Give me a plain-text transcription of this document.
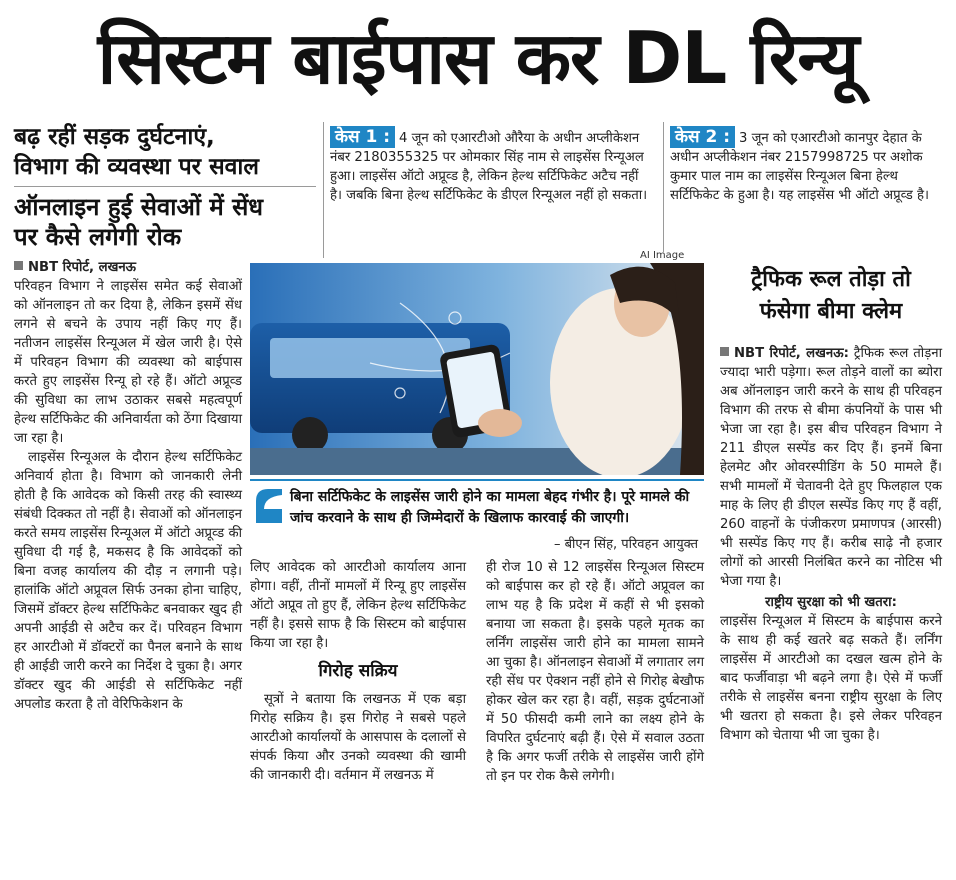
सिस्टम बाईपास कर DL रिन्यू
बढ़ रहीं सड़क दुर्घटनाएं,
विभाग की व्यवस्था पर सवाल
ऑनलाइन हुई सेवाओं में सेंध
पर कैसे लगेगी रोक
केस 1 : 4 जून को एआरटीओ औरैया के अधीन अप्लीकेशन नंबर 2180355325 पर ओमकार सिंह नाम से लाइसेंस रिन्यूअल हुआ। लाइसेंस ऑटो अप्रूव्ड है, लेकिन हेल्थ सर्टिफिकेट अटैच नहीं है। जबकि बिना हेल्थ सर्टिफिकेट के डीएल रिन्यूअल नहीं हो सकता।
केस 2 : 3 जून को एआरटीओ कानपुर देहात के अधीन अप्लीकेशन नंबर 2157998725 पर अशोक कुमार पाल नाम का लाइसेंस रिन्यूअल बिना हेल्थ सर्टिफिकेट के हुआ है। यह लाइसेंस भी ऑटो अप्रूव्ड है।
NBT रिपोर्ट, लखनऊ
परिवहन विभाग ने लाइसेंस समेत कई सेवाओं को ऑनलाइन तो कर दिया है, लेकिन इसमें सेंध लगने से बचने के उपाय नहीं किए गए हैं। नतीजन लाइसेंस रिन्यूअल में खेल जारी है। ऐसे में परिवहन विभाग की व्यवस्था को बाईपास करते हुए लाइसेंस रिन्यू हो रहे हैं। ऑटो अप्रूव्ड की सुविधा का लाभ उठाकर सबसे महत्वपूर्ण हेल्थ सर्टिफिकेट की अनिवार्यता को ठेंगा दिखाया जा रहा है।
लाइसेंस रिन्यूअल के दौरान हेल्थ सर्टिफिकेट अनिवार्य होता है। विभाग को जानकारी लेनी होती है कि आवेदक को किसी तरह की स्वास्थ्य संबंधी दिक्कत तो नहीं है। सेवाओं को ऑनलाइन करते समय लाइसेंस रिन्यूअल में ऑटो अप्रूव्ड की सुविधा दी गई है, मकसद है कि आवेदकों को बिना वजह कार्यालय की दौड़ न लगानी पड़े। हालांकि ऑटो अप्रूवल सिर्फ उनका होना चाहिए, जिसमें डॉक्टर हेल्थ सर्टिफिकेट बनवाकर खुद ही अपनी आईडी से अटैच कर दें। परिवहन विभाग हर आरटीओ में डॉक्टरों का पैनल बनाने के साथ ही आईडी जारी करने का निर्देश दे चुका है। अगर डॉक्टर खुद की आईडी से सर्टिफिकेट नहीं अपलोड करता है तो वेरिफिकेशन के
AI Image
बिना सर्टिफिकेट के लाइसेंस जारी होने का मामला बेहद गंभीर है। पूरे मामले की जांच करवाने के साथ ही जिम्मेदारों के खिलाफ कारवाई की जाएगी।
– बीएन सिंह, परिवहन आयुक्त
लिए आवेदक को आरटीओ कार्यालय आना होगा। वहीं, तीनों मामलों में रिन्यू हुए लाइसेंस ऑटो अप्रूव तो हुए हैं, लेकिन हेल्थ सर्टिफिकेट नहीं है। इससे साफ है कि सिस्टम को बाईपास किया जा रहा है।
गिरोह सक्रिय
सूत्रों ने बताया कि लखनऊ में एक बड़ा गिरोह सक्रिय है। इस गिरोह ने सबसे पहले आरटीओ कार्यालयों के आसपास के दलालों से संपर्क किया और उनको व्यवस्था की खामी की जानकारी दी। वर्तमान में लखनऊ में
ही रोज 10 से 12 लाइसेंस रिन्यूअल सिस्टम को बाईपास कर हो रहे हैं। ऑटो अप्रूवल का लाभ यह है कि प्रदेश में कहीं से भी इसको बनाया जा सकता है। इसके पहले मृतक का लर्निंग लाइसेंस जारी होने का मामला सामने आ चुका है। ऑनलाइन सेवाओं में लगातार लग रही सेंध पर ऐक्शन नहीं होने से गिरोह बेखौफ होकर खेल कर रहा है। वहीं, सड़क दुर्घटनाओं में 50 फीसदी कमी लाने का लक्ष्य होने के विपरित दुर्घटनाएं बढ़ी हैं। ऐसे में सवाल उठता है कि अगर फर्जी तरीके से लाइसेंस जारी होंगे तो इन पर रोक कैसे लगेगी।
ट्रैफिक रूल तोड़ा तो
फंसेगा बीमा क्लेम
NBT रिपोर्ट, लखनऊ: ट्रैफिक रूल तोड़ना ज्यादा भारी पड़ेगा। रूल तोड़ने वालों का ब्योरा अब ऑनलाइन जारी करने के साथ ही परिवहन विभाग की तरफ से बीमा कंपनियों के पास भी भेजा जा रहा है। इस बीच परिवहन विभाग ने 211 डीएल सस्पेंड कर दिए हैं। इनमें बिना हेलमेट और ओवरस्पीडिंग के 50 मामले हैं। सभी मामलों में चेतावनी देते हुए फिलहाल एक माह के लिए ही डीएल सस्पेंड किए गए हैं वहीं, 260 वाहनों के पंजीकरण प्रमाणपत्र (आरसी) भी सस्पेंड किए गए हैं। करीब साढ़े नौ हजार लोगों को आरसी निलंबित करने का नोटिस भी भेजा गया है।
राष्ट्रीय सुरक्षा को भी खतरा:
लाइसेंस रिन्यूअल में सिस्टम के बाईपास करने के साथ ही कई खतरे बढ़ सकते हैं। लर्निंग लाइसेंस में आरटीओ का दखल खत्म होने के बाद फर्जीवाड़ा भी बढ़ने लगा है। ऐसे में फर्जी तरीके से लाइसेंस बनना राष्ट्रीय सुरक्षा के लिए भी खतरा हो सकता है। इसे लेकर परिवहन विभाग को चेताया भी जा चुका है।
